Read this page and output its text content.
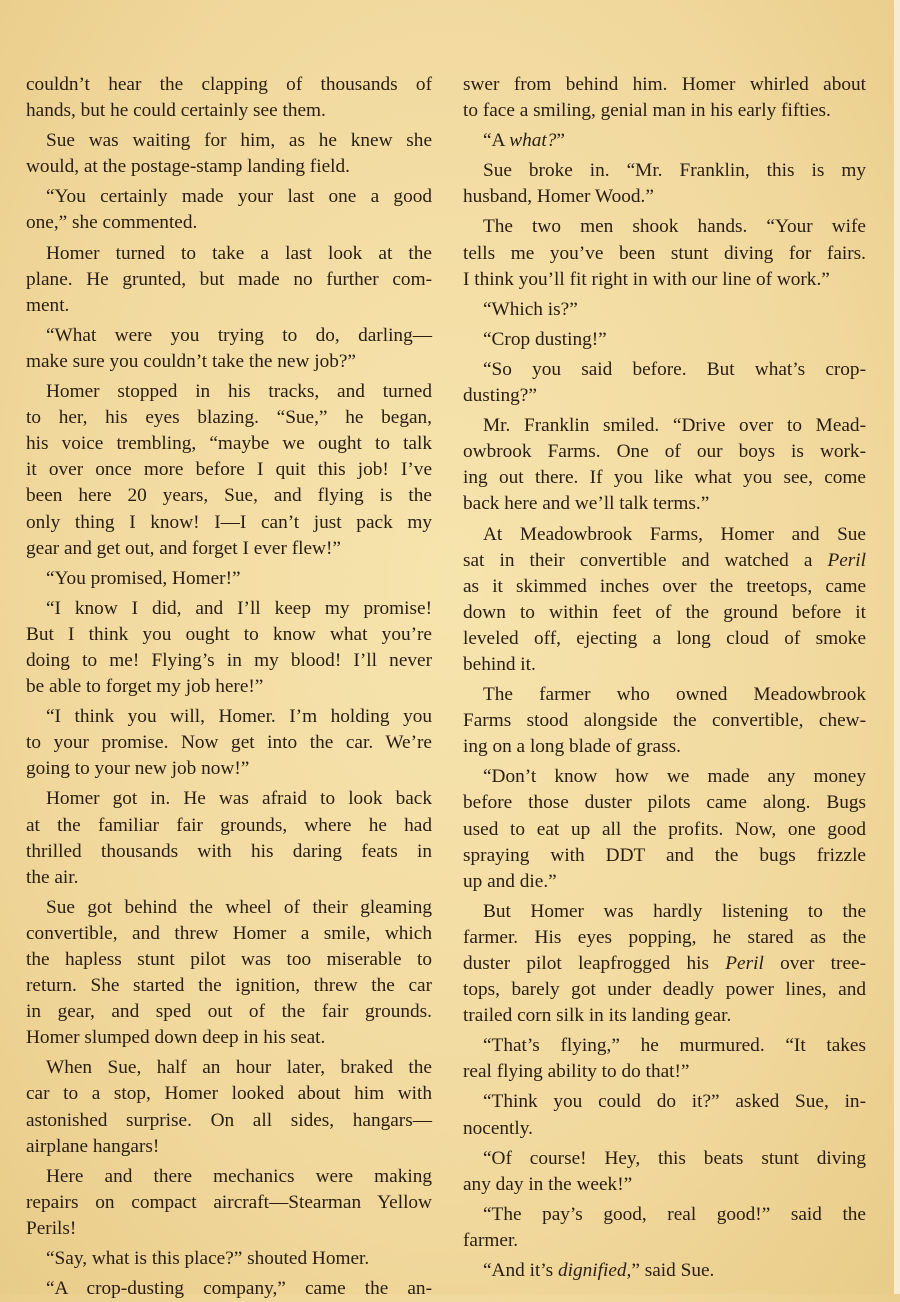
couldn’t hear the clapping of thousands of
hands, but he could certainly see them.
Sue was waiting for him, as he knew she
would, at the postage-stamp landing field.
“You certainly made your last one a good
one,” she commented.
Homer turned to take a last look at the
plane. He grunted, but made no further com-
ment.
“What were you trying to do, darling—
make sure you couldn’t take the new job?”
Homer stopped in his tracks, and turned
to her, his eyes blazing. “Sue,” he began,
his voice trembling, “maybe we ought to talk
it over once more before I quit this job! I’ve
been here 20 years, Sue, and flying is the
only thing I know! I—I can’t just pack my
gear and get out, and forget I ever flew!”
“You promised, Homer!”
“I know I did, and I’ll keep my promise!
But I think you ought to know what you’re
doing to me! Flying’s in my blood! I’ll never
be able to forget my job here!”
“I think you will, Homer. I’m holding you
to your promise. Now get into the car. We’re
going to your new job now!”
Homer got in. He was afraid to look back
at the familiar fair grounds, where he had
thrilled thousands with his daring feats in
the air.
Sue got behind the wheel of their gleaming
convertible, and threw Homer a smile, which
the hapless stunt pilot was too miserable to
return. She started the ignition, threw the car
in gear, and sped out of the fair grounds.
Homer slumped down deep in his seat.
When Sue, half an hour later, braked the
car to a stop, Homer looked about him with
astonished surprise. On all sides, hangars—
airplane hangars!
Here and there mechanics were making
repairs on compact aircraft—Stearman Yellow
Perils!
“Say, what is this place?” shouted Homer.
“A crop-dusting company,” came the an-
swer from behind him. Homer whirled about
to face a smiling, genial man in his early fifties.
“A what?”
Sue broke in. “Mr. Franklin, this is my
husband, Homer Wood.”
The two men shook hands. “Your wife
tells me you’ve been stunt diving for fairs.
I think you’ll fit right in with our line of work.”
“Which is?”
“Crop dusting!”
“So you said before. But what’s crop-
dusting?”
Mr. Franklin smiled. “Drive over to Mead-
owbrook Farms. One of our boys is work-
ing out there. If you like what you see, come
back here and we’ll talk terms.”
At Meadowbrook Farms, Homer and Sue
sat in their convertible and watched a Peril
as it skimmed inches over the treetops, came
down to within feet of the ground before it
leveled off, ejecting a long cloud of smoke
behind it.
The farmer who owned Meadowbrook
Farms stood alongside the convertible, chew-
ing on a long blade of grass.
“Don’t know how we made any money
before those duster pilots came along. Bugs
used to eat up all the profits. Now, one good
spraying with DDT and the bugs frizzle
up and die.”
But Homer was hardly listening to the
farmer. His eyes popping, he stared as the
duster pilot leapfrogged his Peril over tree-
tops, barely got under deadly power lines, and
trailed corn silk in its landing gear.
“That’s flying,” he murmured. “It takes
real flying ability to do that!”
“Think you could do it?” asked Sue, in-
nocently.
“Of course! Hey, this beats stunt diving
any day in the week!”
“The pay’s good, real good!” said the
farmer.
“And it’s dignified,” said Sue.
